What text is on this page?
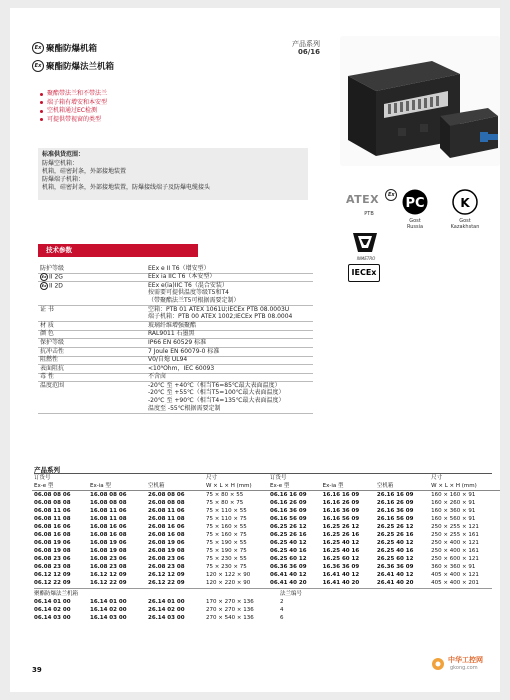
Ex 聚酯防爆机箱
Ex 聚酯防爆法兰机箱
产品系列
06/16
聚酯带法兰和不带法兰
端子箱有增安和本安型
空机箱通过EC检测
可提供带视窗的类型
标准供货范围：
防爆空机箱：
机箱，硅密封条，外部接地装置
防爆端子机箱：
机箱，硅密封条，外部接地装置，防爆接线端子及防爆电缆接头
ATEX Ex
PTB
PC
Gost
Russia
K
Gost
Kazakhstan
INMETRO
IECEx
技术参数
防护等级	EEx e II T6（增安型）
Ex II 2G	EEx ia IIC T6（本安型）
Ex II 2D	EEx e(ia)IIC T6（混合安装）
按需要可提供温度等级T5和T4
（带聚酯法兰T5可根据需要定制）
证 书	空箱：PTB 01 ATEX 1061U;IECEx PTB 08.0003U
端子机箱：PTB 00 ATEX 1002;IECEx PTB 08.0004
材 质	玻璃纤维增强聚酯
颜 色	RAL9011 石墨黑
保护等级	IP66 EN 60529 标准
抗冲击性	7 Joule EN 60079-0 标准
阻燃性	V0/自熄 UL94
表面阻抗	<10⁹Ohm，IEC 60093
毒 性	不含卤
温度范围	-20℃ 至 +40℃（相当T6=85℃最大表面温度）
-20℃ 至 +55℃（相当T5=100℃最大表面温度）
-20℃ 至 +90℃（相当T4=135℃最大表面温度）
温度至 -55℃根据需要定制
产品系列
订货号			尺寸
Ex-e 型	Ex-ia 型	空机箱	W × L × H (mm)
06.08 08 06	16.08 08 06	26.08 08 06	75 × 80 × 55
06.08 08 08	16.08 08 08	26.08 08 08	75 × 80 × 75
06.08 11 06	16.08 11 06	26.08 11 06	75 × 110 × 55
06.08 11 08	16.08 11 08	26.08 11 08	75 × 110 × 75
06.08 16 06	16.08 16 06	26.08 16 06	75 × 160 × 55
06.08 16 08	16.08 16 08	26.08 16 08	75 × 160 × 75
06.08 19 06	16.08 19 06	26.08 19 06	75 × 190 × 55
06.08 19 08	16.08 19 08	26.08 19 08	75 × 190 × 75
06.08 23 06	16.08 23 06	26.08 23 06	75 × 230 × 55
06.08 23 08	16.08 23 08	26.08 23 08	75 × 230 × 75
06.12 12 09	16.12 12 09	26.12 12 09	120 × 122 × 90
06.12 22 09	16.12 22 09	26.12 22 09	120 × 220 × 90
订货号			尺寸
Ex-e 型	Ex-ia 型	空机箱	W × L × H (mm)
06.16 16 09	16.16 16 09	26.16 16 09	160 × 160 × 91
06.16 26 09	16.16 26 09	26.16 26 09	160 × 260 × 91
06.16 36 09	16.16 36 09	26.16 36 09	160 × 360 × 91
06.16 56 09	16.16 56 09	26.16 56 09	160 × 560 × 91
06.25 26 12	16.25 26 12	26.25 26 12	250 × 255 × 121
06.25 26 16	16.25 26 16	26.25 26 16	250 × 255 × 161
06.25 40 12	16.25 40 12	26.25 40 12	250 × 400 × 121
06.25 40 16	16.25 40 16	26.25 40 16	250 × 400 × 161
06.25 60 12	16.25 60 12	26.25 60 12	250 × 600 × 121
06.36 36 09	16.36 36 09	26.36 36 09	360 × 360 × 91
06.41 40 12	16.41 40 12	26.41 40 12	405 × 400 × 121
06.41 40 20	16.41 40 20	26.41 40 20	405 × 400 × 201
聚酯防爆法兰机箱				法兰编号
06.14 01 00	16.14 01 00	26.14 01 00	170 × 270 × 136	2
06.14 02 00	16.14 02 00	26.14 02 00	270 × 270 × 136	4
06.14 03 00	16.14 03 00	26.14 03 00	270 × 540 × 136	6
39
中华工控网
gkong.com
